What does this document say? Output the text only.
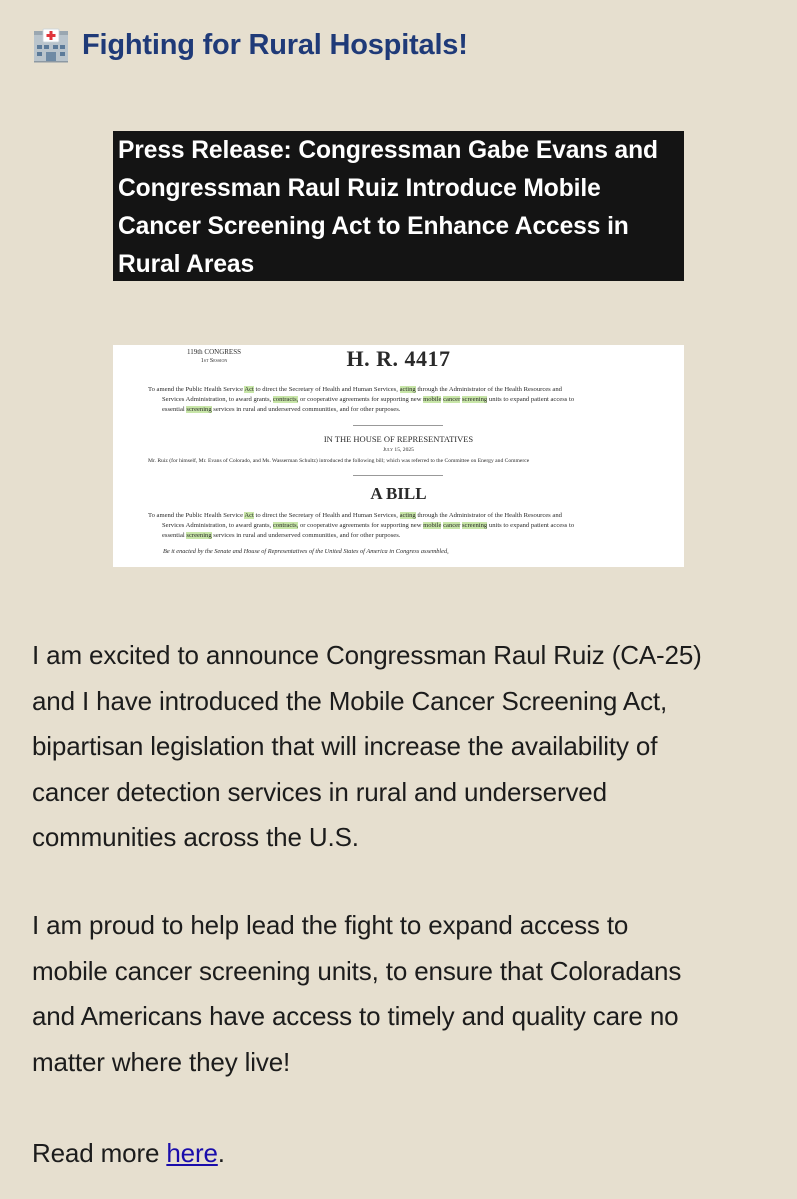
Fighting for Rural Hospitals!
Press Release: Congressman Gabe Evans and
Congressman Raul Ruiz Introduce Mobile
Cancer Screening Act to Enhance Access in
Rural Areas
119th CONGRESS
1st Session	H. R. 4417
To amend the Public Health Service Act to direct the Secretary of Health and Human Services, acting through the Administrator of the Health Resources and
Services Administration, to award grants, contracts, or cooperative agreements for supporting new mobile cancer screening units to expand patient access to
essential screening services in rural and underserved communities, and for other purposes.
IN THE HOUSE OF REPRESENTATIVES
July 15, 2025
Mr. Ruiz (for himself, Mr. Evans of Colorado, and Ms. Wasserman Schultz) introduced the following bill; which was referred to the Committee on Energy and Commerce
A BILL
To amend the Public Health Service Act to direct the Secretary of Health and Human Services, acting through the Administrator of the Health Resources and
Services Administration, to award grants, contracts, or cooperative agreements for supporting new mobile cancer screening units to expand patient access to
essential screening services in rural and underserved communities, and for other purposes.
Be it enacted by the Senate and House of Representatives of the United States of America in Congress assembled,
I am excited to announce Congressman Raul Ruiz (CA-25)
and I have introduced the Mobile Cancer Screening Act,
bipartisan legislation that will increase the availability of
cancer detection services in rural and underserved
communities across the U.S.
I am proud to help lead the fight to expand access to
mobile cancer screening units, to ensure that Coloradans
and Americans have access to timely and quality care no
matter where they live!
Read more here.
